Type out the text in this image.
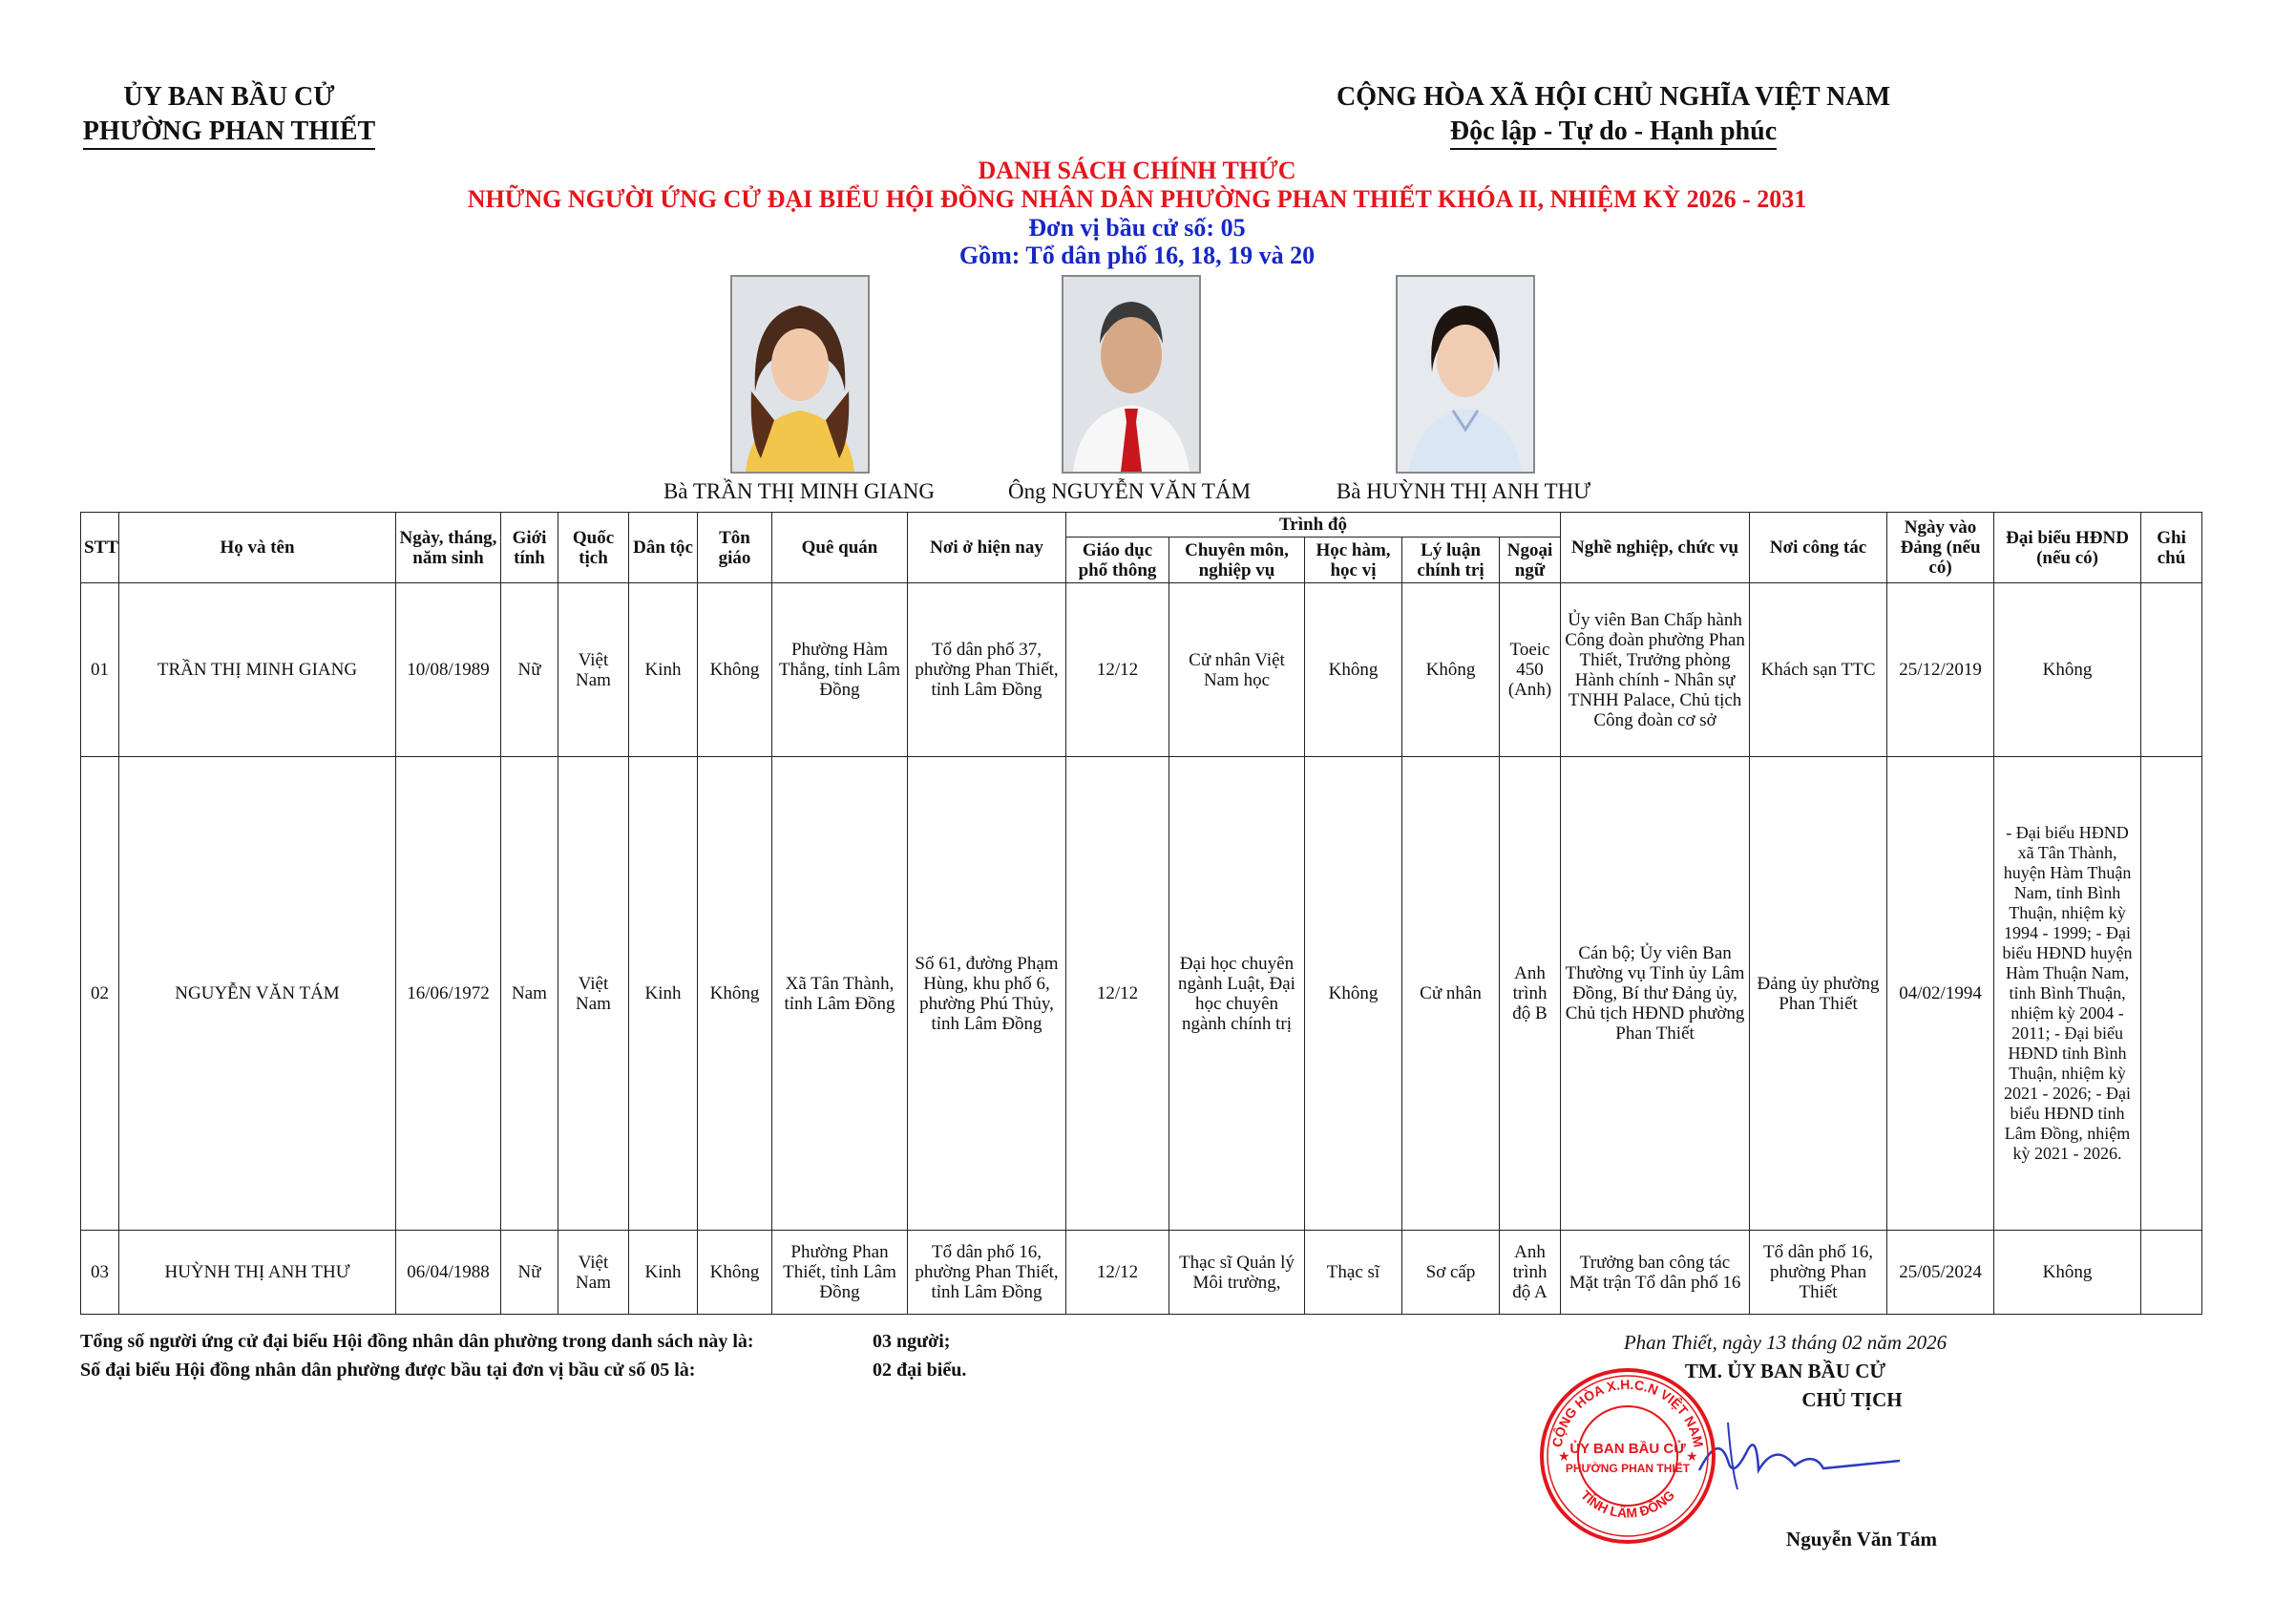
ỦY BAN BẦU CỬ
PHƯỜNG PHAN THIẾT
CỘNG HÒA XÃ HỘI CHỦ NGHĨA VIỆT NAM
Độc lập - Tự do - Hạnh phúc
DANH SÁCH CHÍNH THỨC
NHỮNG NGƯỜI ỨNG CỬ ĐẠI BIỂU HỘI ĐỒNG NHÂN DÂN PHƯỜNG PHAN THIẾT KHÓA II, NHIỆM KỲ 2026 - 2031
Đơn vị bầu cử số: 05
Gồm: Tổ dân phố 16, 18, 19 và 20
Bà TRẦN THỊ MINH GIANG	Ông NGUYỄN VĂN TÁM	Bà HUỲNH THỊ ANH THƯ
STT	Họ và tên	Ngày, tháng, năm sinh	Giới tính	Quốc tịch	Dân tộc	Tôn giáo	Quê quán	Nơi ở hiện nay	Trình độ					Nghề nghiệp, chức vụ	Nơi công tác	Ngày vào Đảng (nếu có)	Đại biểu HĐND (nếu có)	Ghi chú
									Giáo dục phổ thông	Chuyên môn, nghiệp vụ	Học hàm, học vị	Lý luận chính trị	Ngoại ngữ					
01	TRẦN THỊ MINH GIANG	10/08/1989	Nữ	Việt Nam	Kinh	Không	Phường Hàm Thắng, tỉnh Lâm Đồng	Tổ dân phố 37, phường Phan Thiết, tỉnh Lâm Đồng	12/12	Cử nhân Việt Nam học	Không	Không	Toeic 450 (Anh)	Ủy viên Ban Chấp hành Công đoàn phường Phan Thiết, Trưởng phòng Hành chính - Nhân sự TNHH Palace, Chủ tịch Công đoàn cơ sở	Khách sạn TTC	25/12/2019	Không	
02	NGUYỄN VĂN TÁM	16/06/1972	Nam	Việt Nam	Kinh	Không	Xã Tân Thành, tỉnh Lâm Đồng	Số 61, đường Phạm Hùng, khu phố 6, phường Phú Thủy, tỉnh Lâm Đồng	12/12	Đại học chuyên ngành Luật, Đại học chuyên ngành chính trị	Không	Cử nhân	Anh trình độ B	Cán bộ; Ủy viên Ban Thường vụ Tỉnh ủy Lâm Đồng, Bí thư Đảng ủy, Chủ tịch HĐND phường Phan Thiết	Đảng ủy phường Phan Thiết	04/02/1994	- Đại biểu HĐND xã Tân Thành, huyện Hàm Thuận Nam, tỉnh Bình Thuận, nhiệm kỳ 1994 - 1999; - Đại biểu HĐND huyện Hàm Thuận Nam, tỉnh Bình Thuận, nhiệm kỳ 2004 - 2011; - Đại biểu HĐND tỉnh Bình Thuận, nhiệm kỳ 2021 - 2026; - Đại biểu HĐND tỉnh Lâm Đồng, nhiệm kỳ 2021 - 2026.	
03	HUỲNH THỊ ANH THƯ	06/04/1988	Nữ	Việt Nam	Kinh	Không	Phường Phan Thiết, tỉnh Lâm Đồng	Tổ dân phố 16, phường Phan Thiết, tỉnh Lâm Đồng	12/12	Thạc sĩ Quản lý Môi trường,	Thạc sĩ	Sơ cấp	Anh trình độ A	Trưởng ban công tác Mặt trận Tổ dân phố 16	Tổ dân phố 16, phường Phan Thiết	25/05/2024	Không	
Tổng số người ứng cử đại biểu Hội đồng nhân dân phường trong danh sách này là:	03 người;
Số đại biểu Hội đồng nhân dân phường được bầu tại đơn vị bầu cử số 05 là:	02 đại biểu.
Phan Thiết, ngày 13 tháng 02 năm 2026
TM. ỦY BAN BẦU CỬ
CHỦ TỊCH
CỘNG HÒA X.H.C.N VIỆT NAM
TỈNH LÂM ĐỒNG
ỦY BAN BẦU CỬ
PHƯỜNG PHAN THIẾT
★	★
Nguyễn Văn Tám
